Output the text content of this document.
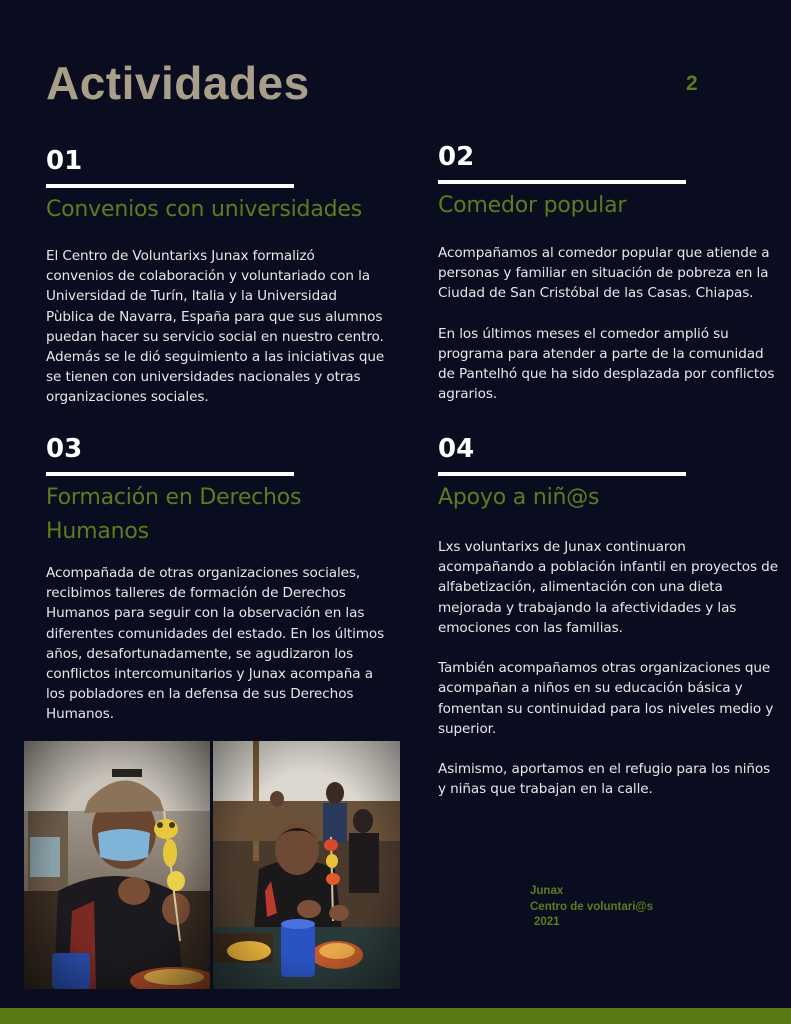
Actividades	2
01
Convenios con universidades
El Centro de Voluntarixs Junax formalizó convenios de colaboración y voluntariado con la Universidad de Turín, Italia y la Universidad Pùblica de Navarra, España para que sus alumnos puedan hacer su servicio social en nuestro centro. Además se le dió seguimiento a las iniciativas que se tienen con universidades nacionales y otras organizaciones sociales.
02
Comedor popular
Acompañamos al comedor popular que atiende a personas y familiar en situación de pobreza en la Ciudad de San Cristóbal de las Casas. Chiapas.

En los últimos meses el comedor amplió su programa para atender a parte de la comunidad de Pantelhó que ha sido desplazada por conflictos agrarios.
03
Formación en Derechos Humanos
Acompañada de otras organizaciones sociales, recibimos talleres de formación de Derechos Humanos para seguir con la observación en las diferentes comunidades del estado. En los últimos años, desafortunadamente, se agudizaron los conflictos intercomunitarios y Junax acompaña a los pobladores en la defensa de sus Derechos Humanos.
04
Apoyo a niñ@s
Lxs voluntarixs de Junax continuaron acompañando a población infantil en proyectos de alfabetización, alimentación con una dieta mejorada y trabajando la afectividades y las emociones con las familias.

También acompañamos otras organizaciones que acompañan a niños en su educación básica y fomentan su continuidad para los niveles medio y superior.

Asimismo, aportamos en el refugio para los niños y niñas que trabajan en la calle.
Junax
Centro de voluntari@s
2021
